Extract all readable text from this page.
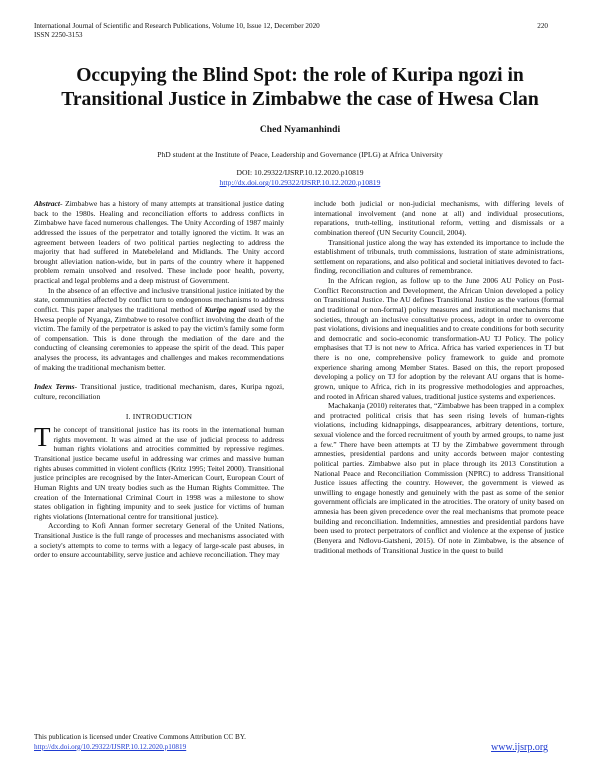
International Journal of Scientific and Research Publications, Volume 10, Issue 12, December 2020
ISSN 2250-3153
220
Occupying the Blind Spot: the role of Kuripa ngozi in
Transitional Justice in Zimbabwe the case of Hwesa Clan
Ched Nyamanhindi
PhD student at the Institute of Peace, Leadership and Governance (IPLG) at Africa University
DOI: 10.29322/IJSRP.10.12.2020.p10819
http://dx.doi.org/10.29322/IJSRP.10.12.2020.p10819

Abstract- Zimbabwe has a history of many attempts at transitional justice dating back to the 1980s. Healing and reconciliation efforts to address conflicts in Zimbabwe have faced numerous challenges. The Unity According of 1987 mainly addressed the issues of the perpetrator and totally ignored the victim. It was an agreement between leaders of two political parties neglecting to address the majority that had suffered in Matebeleland and Midlands. The Unity accord brought alleviation nation-wide, but in parts of the country where it happened problem remain unsolved and resolved. These include poor health, poverty, practical and legal problems and a deep mistrust of Government.

In the absence of an effective and inclusive transitional justice initiated by the state, communities affected by conflict turn to endogenous mechanisms to address conflict. This paper analyses the traditional method of Kuripa ngozi used by the Hwesa people of Nyanga, Zimbabwe to resolve conflict involving the death of the victim. The family of the perpetrator is asked to pay the victim's family some form of compensation. This is done through the mediation of the dare and the conducting of cleansing ceremonies to appease the spirit of the dead. This paper analyses the process, its advantages and challenges and makes recommendations of making the traditional mechanism better.

Index Terms- Transitional justice, traditional mechanism, dares, Kuripa ngozi, culture, reconciliation

I. INTRODUCTION

The concept of transitional justice has its roots in the international human rights movement. It was aimed at the use of judicial process to address human rights violations and atrocities committed by repressive regimes. Transitional justice became useful in addressing war crimes and massive human rights abuses committed in violent conflicts (Kritz 1995; Teitel 2000). Transitional justice principles are recognised by the Inter-American Court, European Court of Human Rights and UN treaty bodies such as the Human Rights Committee. The creation of the International Criminal Court in 1998 was a milestone to show states obligation in fighting impunity and to seek justice for victims of human rights violations (International centre for transitional justice).

According to Kofi Annan former secretary General of the United Nations, Transitional Justice is the full range of processes and mechanisms associated with a society's attempts to come to terms with a legacy of large-scale past abuses, in order to ensure accountability, serve justice and achieve reconciliation. They may

include both judicial or non-judicial mechanisms, with differing levels of international involvement (and none at all) and individual prosecutions, reparations, truth-telling, institutional reform, vetting and dismissals or a combination thereof (UN Security Council, 2004).

Transitional justice along the way has extended its importance to include the establishment of tribunals, truth commissions, lustration of state administrations, settlement on reparations, and also political and societal initiatives devoted to fact-finding, reconciliation and cultures of remembrance.

In the African region, as follow up to the June 2006 AU Policy on Post-Conflict Reconstruction and Development, the African Union developed a policy on Transitional Justice. The AU defines Transitional Justice as the various (formal and traditional or non-formal) policy measures and institutional mechanisms that societies, through an inclusive consultative process, adopt in order to overcome past violations, divisions and inequalities and to create conditions for both security and democratic and socio-economic transformation-AU TJ Policy. The policy emphasises that TJ is not new to Africa. Africa has varied experiences in TJ but there is no one, comprehensive policy framework to guide and promote experience sharing among Member States. Based on this, the report proposed developing a policy on TJ for adoption by the relevant AU organs that is home-grown, unique to Africa, rich in its progressive methodologies and approaches, and rooted in African shared values, traditional justice systems and experiences.

Machakanja (2010) reiterates that, “Zimbabwe has been trapped in a complex and protracted political crisis that has seen rising levels of human-rights violations, including kidnappings, disappearances, arbitrary detentions, torture, sexual violence and the forced recruitment of youth by armed groups, to name just a few.” There have been attempts at TJ by the Zimbabwe government through amnesties, presidential pardons and unity accords between major contesting political parties. Zimbabwe also put in place through its 2013 Constitution a National Peace and Reconciliation Commission (NPRC) to address Transitional Justice issues affecting the country. However, the government is viewed as unwilling to engage honestly and genuinely with the past as some of the senior government officials are implicated in the atrocities. The oratory of unity based on amnesia has been given precedence over the real mechanisms that promote peace building and reconciliation. Indemnities, amnesties and presidential pardons have been used to protect perpetrators of conflict and violence at the expense of justice (Benyera and Ndlovu-Gatsheni, 2015). Of note in Zimbabwe, is the absence of traditional methods of Transitional Justice in the quest to build

This publication is licensed under Creative Commons Attribution CC BY.
http://dx.doi.org/10.29322/IJSRP.10.12.2020.p10819	www.ijsrp.org
